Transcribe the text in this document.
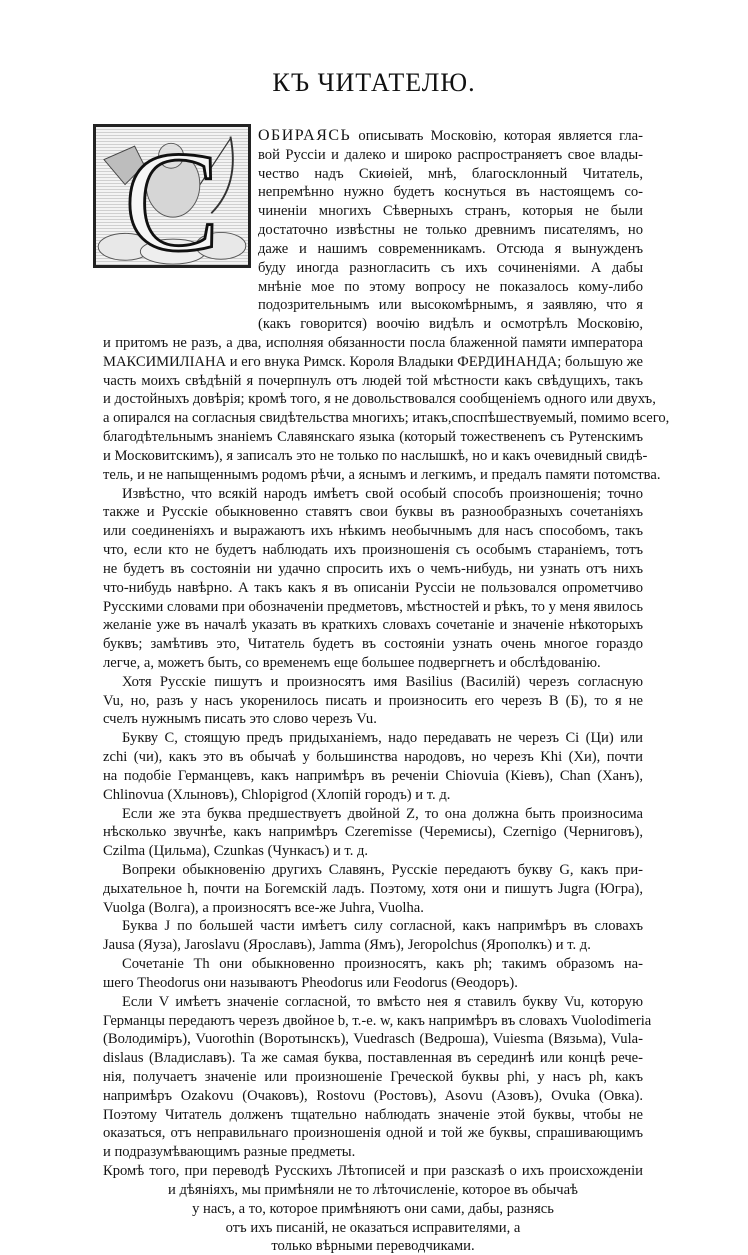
КЪ ЧИТАТЕЛЮ.
С ОБИРАЯСЬ описывать Московію, которая является гла-
вой Руссіи и далеко и широко распространяетъ свое влады-
чество надъ Скиѳіей, мнѣ, благосклонный Читатель,
непремѣнно нужно будетъ коснуться въ настоящемъ со-
чиненіи многихъ Сѣверныхъ странъ, которыя не были
достаточно извѣстны не только древнимъ писателямъ, но
даже и нашимъ современникамъ. Отсюда я вынужденъ
буду иногда разногласить съ ихъ сочиненіями. А дабы
мнѣніе мое по этому вопросу не показалось кому-либо
подозрительнымъ или высокомѣрнымъ, я заявляю, что я
(какъ говорится) воочію видѣлъ и осмотрѣлъ Московію,
и притомъ не разъ, а два, исполняя обязанности посла блаженной памяти императора
МАКСИМИЛІАНА и его внука Римск. Короля Владыки ФЕРДИНАНДА; большую же
часть моихъ свѣдѣній я почерпнулъ отъ людей той мѣстности какъ свѣдущихъ, такъ
и достойныхъ довѣрія; кромѣ того, я не довольствовался сообщеніемъ одного или двухъ,
а опирался на согласныя свидѣтельства многихъ; итакъ,споспѣшествуемый, помимо всего,
благодѣтельнымъ знаніемъ Славянскаго языка (который тожественenъ съ Рутенскимъ
и Московитскимъ), я записалъ это не только по наслышкѣ, но и какъ очевидный свидѣ-
тель, и не напыщеннымъ родомъ рѣчи, а яснымъ и легкимъ, и предалъ памяти потомства.
Извѣстно, что всякій народъ имѣетъ свой особый способъ произношенія; точно
также и Русскіе обыкновенно ставятъ свои буквы въ разнообразныхъ сочетаніяхъ
или соединеніяхъ и выражаютъ ихъ нѣкимъ необычнымъ для насъ способомъ, такъ
что, если кто не будетъ наблюдать ихъ произношенія съ особымъ стараніемъ, тотъ
не будетъ въ состояніи ни удачно спросить ихъ о чемъ-нибудь, ни узнать отъ нихъ
что-нибудь навѣрно. А такъ какъ я въ описаніи Руссіи не пользовался опрометчиво
Русскими словами при обозначеніи предметовъ, мѣстностей и рѣкъ, то у меня явилось
желаніе уже въ началѣ указать въ краткихъ словахъ сочетаніе и значеніе нѣкоторыхъ
буквъ; замѣтивъ это, Читатель будетъ въ состояніи узнать очень многое гораздо
легче, а, можетъ быть, со временемъ еще большее подвергнетъ и обслѣдованію.
Хотя Русскіе пишутъ и произносятъ имя Basilius (Василій) черезъ согласную
Vu, но, разъ у насъ укоренилось писать и произносить его черезъ B (Б), то я не
счелъ нужнымъ писать это слово черезъ Vu.
Букву C, стоящую предъ придыханіемъ, надо передавать не черезъ Ci (Ци) или
zchi (чи), какъ это въ обычаѣ у большинства народовъ, но черезъ Khi (Хи), почти
на подобіе Германцевъ, какъ напримѣръ въ реченіи Chiovuia (Кіевъ), Chan (Ханъ),
Chlinovua (Хлыновъ), Chlopigrod (Хлопій городъ) и т. д.
Если же эта буква предшествуетъ двойной Z, то она должна быть произносима
нѣсколько звучнѣе, какъ напримѣръ Czeremisse (Черемисы), Czernigo (Черниговъ),
Czilma (Цильма), Czunkas (Чункасъ) и т. д.
Вопреки обыкновенію другихъ Славянъ, Русскіе передаютъ букву G, какъ при-
дыхательное h, почти на Богемскій ладъ. Поэтому, хотя они и пишутъ Jugra (Югра),
Vuolga (Волга), а произносятъ все-же Juhra, Vuolha.
Буква J по большей части имѣетъ силу согласной, какъ напримѣръ въ словахъ
Jausa (Яуза), Jaroslavu (Ярославъ), Jamma (Ямъ), Jeropolchus (Ярополкъ) и т. д.
Сочетаніе Th они обыкновенно произносятъ, какъ ph; такимъ образомъ на-
шего Theodorus они называютъ Pheodorus или Feodorus (Ѳеодоръ).
Если V имѣетъ значеніе согласной, то вмѣсто нея я ставилъ букву Vu, которую
Германцы передаютъ черезъ двойное b, т.-е. w, какъ напримѣръ въ словахъ Vuolodimeria
(Володиміръ), Vuorothin (Воротынскъ), Vuedrasch (Ведроша), Vuiesma (Вязьма), Vula-
dislaus (Владиславъ). Та же самая буква, поставленная въ серединѣ или концѣ рече-
нія, получаетъ значеніе или произношеніе Греческой буквы phi, у насъ ph, какъ
напримѣръ Ozakovu (Очаковъ), Rostovu (Ростовъ), Asovu (Азовъ), Ovuka (Овка).
Поэтому Читатель долженъ тщательно наблюдать значеніе этой буквы, чтобы не
оказаться, отъ неправильнаго произношенія одной и той же буквы, спрашивающимъ
и подразумѣвающимъ разные предметы.
Кромѣ того, при переводѣ Русскихъ Лѣтописей и при разсказѣ о ихъ происхожденіи
и дѣяніяхъ, мы примѣняли не то лѣточисленіе, которое въ обычаѣ
у насъ, а то, которое примѣняютъ они сами, дабы, разнясь
отъ ихъ писаній, не оказаться исправителями, а
только вѣрными переводчиками.
